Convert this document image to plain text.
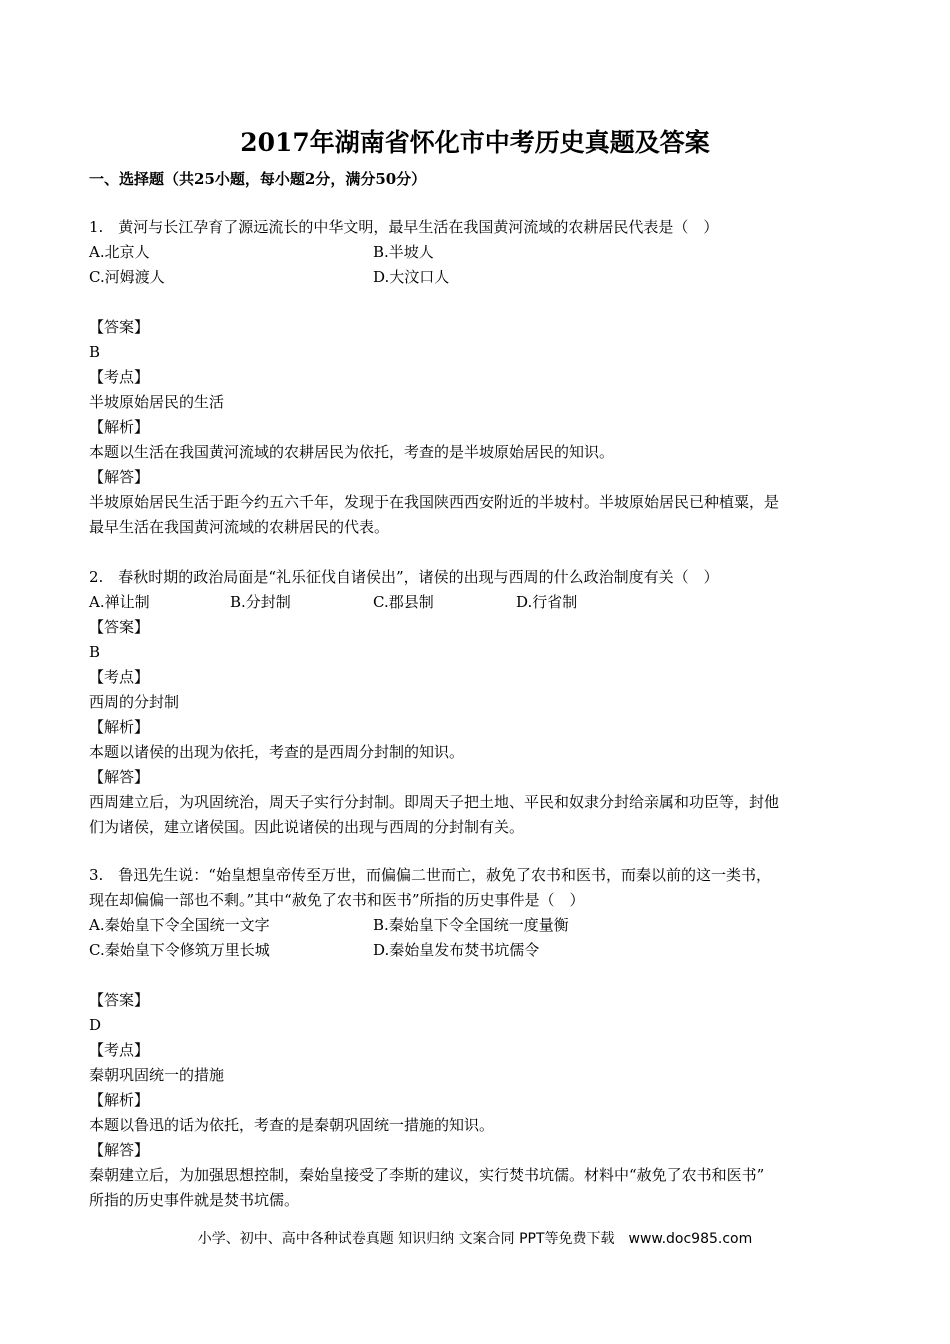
2017年湖南省怀化市中考历史真题及答案
一、选择题（共25小题，每小题2分，满分50分）
1.　黄河与长江孕育了源远流长的中华文明，最早生活在我国黄河流域的农耕居民代表是（　）
A.北京人	B.半坡人
C.河姆渡人	D.大汶口人
【答案】
B
【考点】
半坡原始居民的生活
【解析】
本题以生活在我国黄河流域的农耕居民为依托，考查的是半坡原始居民的知识。
【解答】
半坡原始居民生活于距今约五六千年，发现于在我国陕西西安附近的半坡村。半坡原始居民已种植粟，是
最早生活在我国黄河流域的农耕居民的代表。
2.　春秋时期的政治局面是“礼乐征伐自诸侯出”，诸侯的出现与西周的什么政治制度有关（　）
A.禅让制	B.分封制	C.郡县制	D.行省制
【答案】
B
【考点】
西周的分封制
【解析】
本题以诸侯的出现为依托，考查的是西周分封制的知识。
【解答】
西周建立后，为巩固统治，周天子实行分封制。即周天子把土地、平民和奴隶分封给亲属和功臣等，封他
们为诸侯，建立诸侯国。因此说诸侯的出现与西周的分封制有关。
3.　鲁迅先生说：“始皇想皇帝传至万世，而偏偏二世而亡，赦免了农书和医书，而秦以前的这一类书，
现在却偏偏一部也不剩。”其中“赦免了农书和医书”所指的历史事件是（　）
A.秦始皇下令全国统一文字	B.秦始皇下令全国统一度量衡
C.秦始皇下令修筑万里长城	D.秦始皇发布焚书坑儒令
【答案】
D
【考点】
秦朝巩固统一的措施
【解析】
本题以鲁迅的话为依托，考查的是秦朝巩固统一措施的知识。
【解答】
秦朝建立后，为加强思想控制，秦始皇接受了李斯的建议，实行焚书坑儒。材料中“赦免了农书和医书”
所指的历史事件就是焚书坑儒。
小学、初中、高中各种试卷真题 知识归纳 文案合同 PPT等免费下载　www.doc985.com
